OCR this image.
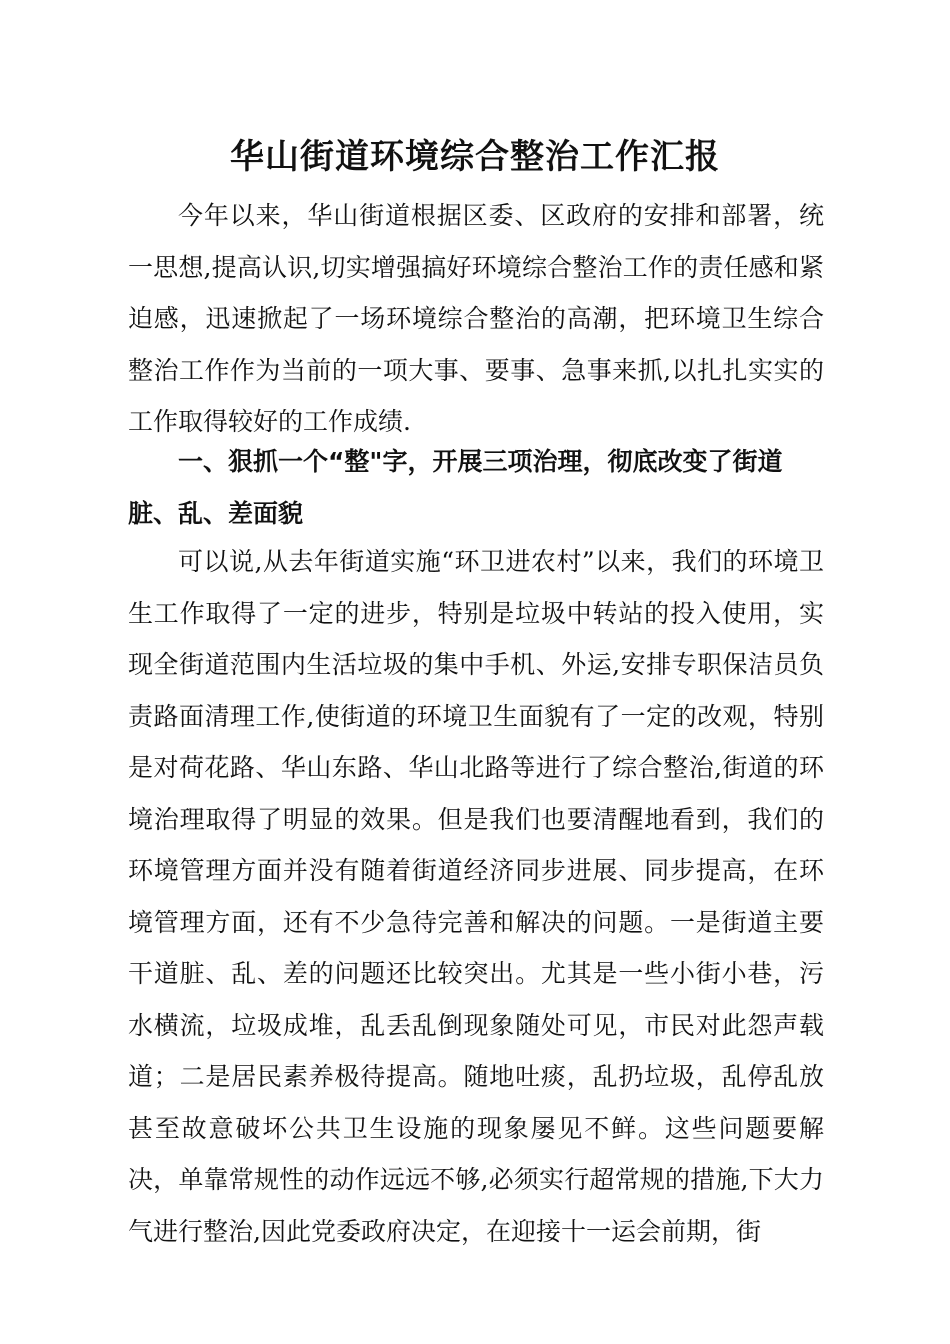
华山街道环境综合整治工作汇报

今年以来，华山街道根据区委、区政府的安排和部署，统一思想,提高认识,切实增强搞好环境综合整治工作的责任感和紧迫感，迅速掀起了一场环境综合整治的高潮，把环境卫生综合整治工作作为当前的一项大事、要事、急事来抓,以扎扎实实的工作取得较好的工作成绩.

一、狠抓一个“整"字，开展三项治理，彻底改变了街道脏、乱、差面貌

可以说,从去年街道实施“环卫进农村”以来，我们的环境卫生工作取得了一定的进步，特别是垃圾中转站的投入使用，实现全街道范围内生活垃圾的集中手机、外运,安排专职保洁员负责路面清理工作,使街道的环境卫生面貌有了一定的改观，特别是对荷花路、华山东路、华山北路等进行了综合整治,街道的环境治理取得了明显的效果。但是我们也要清醒地看到，我们的环境管理方面并没有随着街道经济同步进展、同步提高，在环境管理方面，还有不少急待完善和解决的问题。一是街道主要干道脏、乱、差的问题还比较突出。尤其是一些小街小巷，污水横流，垃圾成堆，乱丢乱倒现象随处可见，市民对此怨声载道；二是居民素养极待提高。随地吐痰，乱扔垃圾，乱停乱放甚至故意破坏公共卫生设施的现象屡见不鲜。这些问题要解决，单靠常规性的动作远远不够,必须实行超常规的措施,下大力气进行整治,因此党委政府决定，在迎接十一运会前期，街
